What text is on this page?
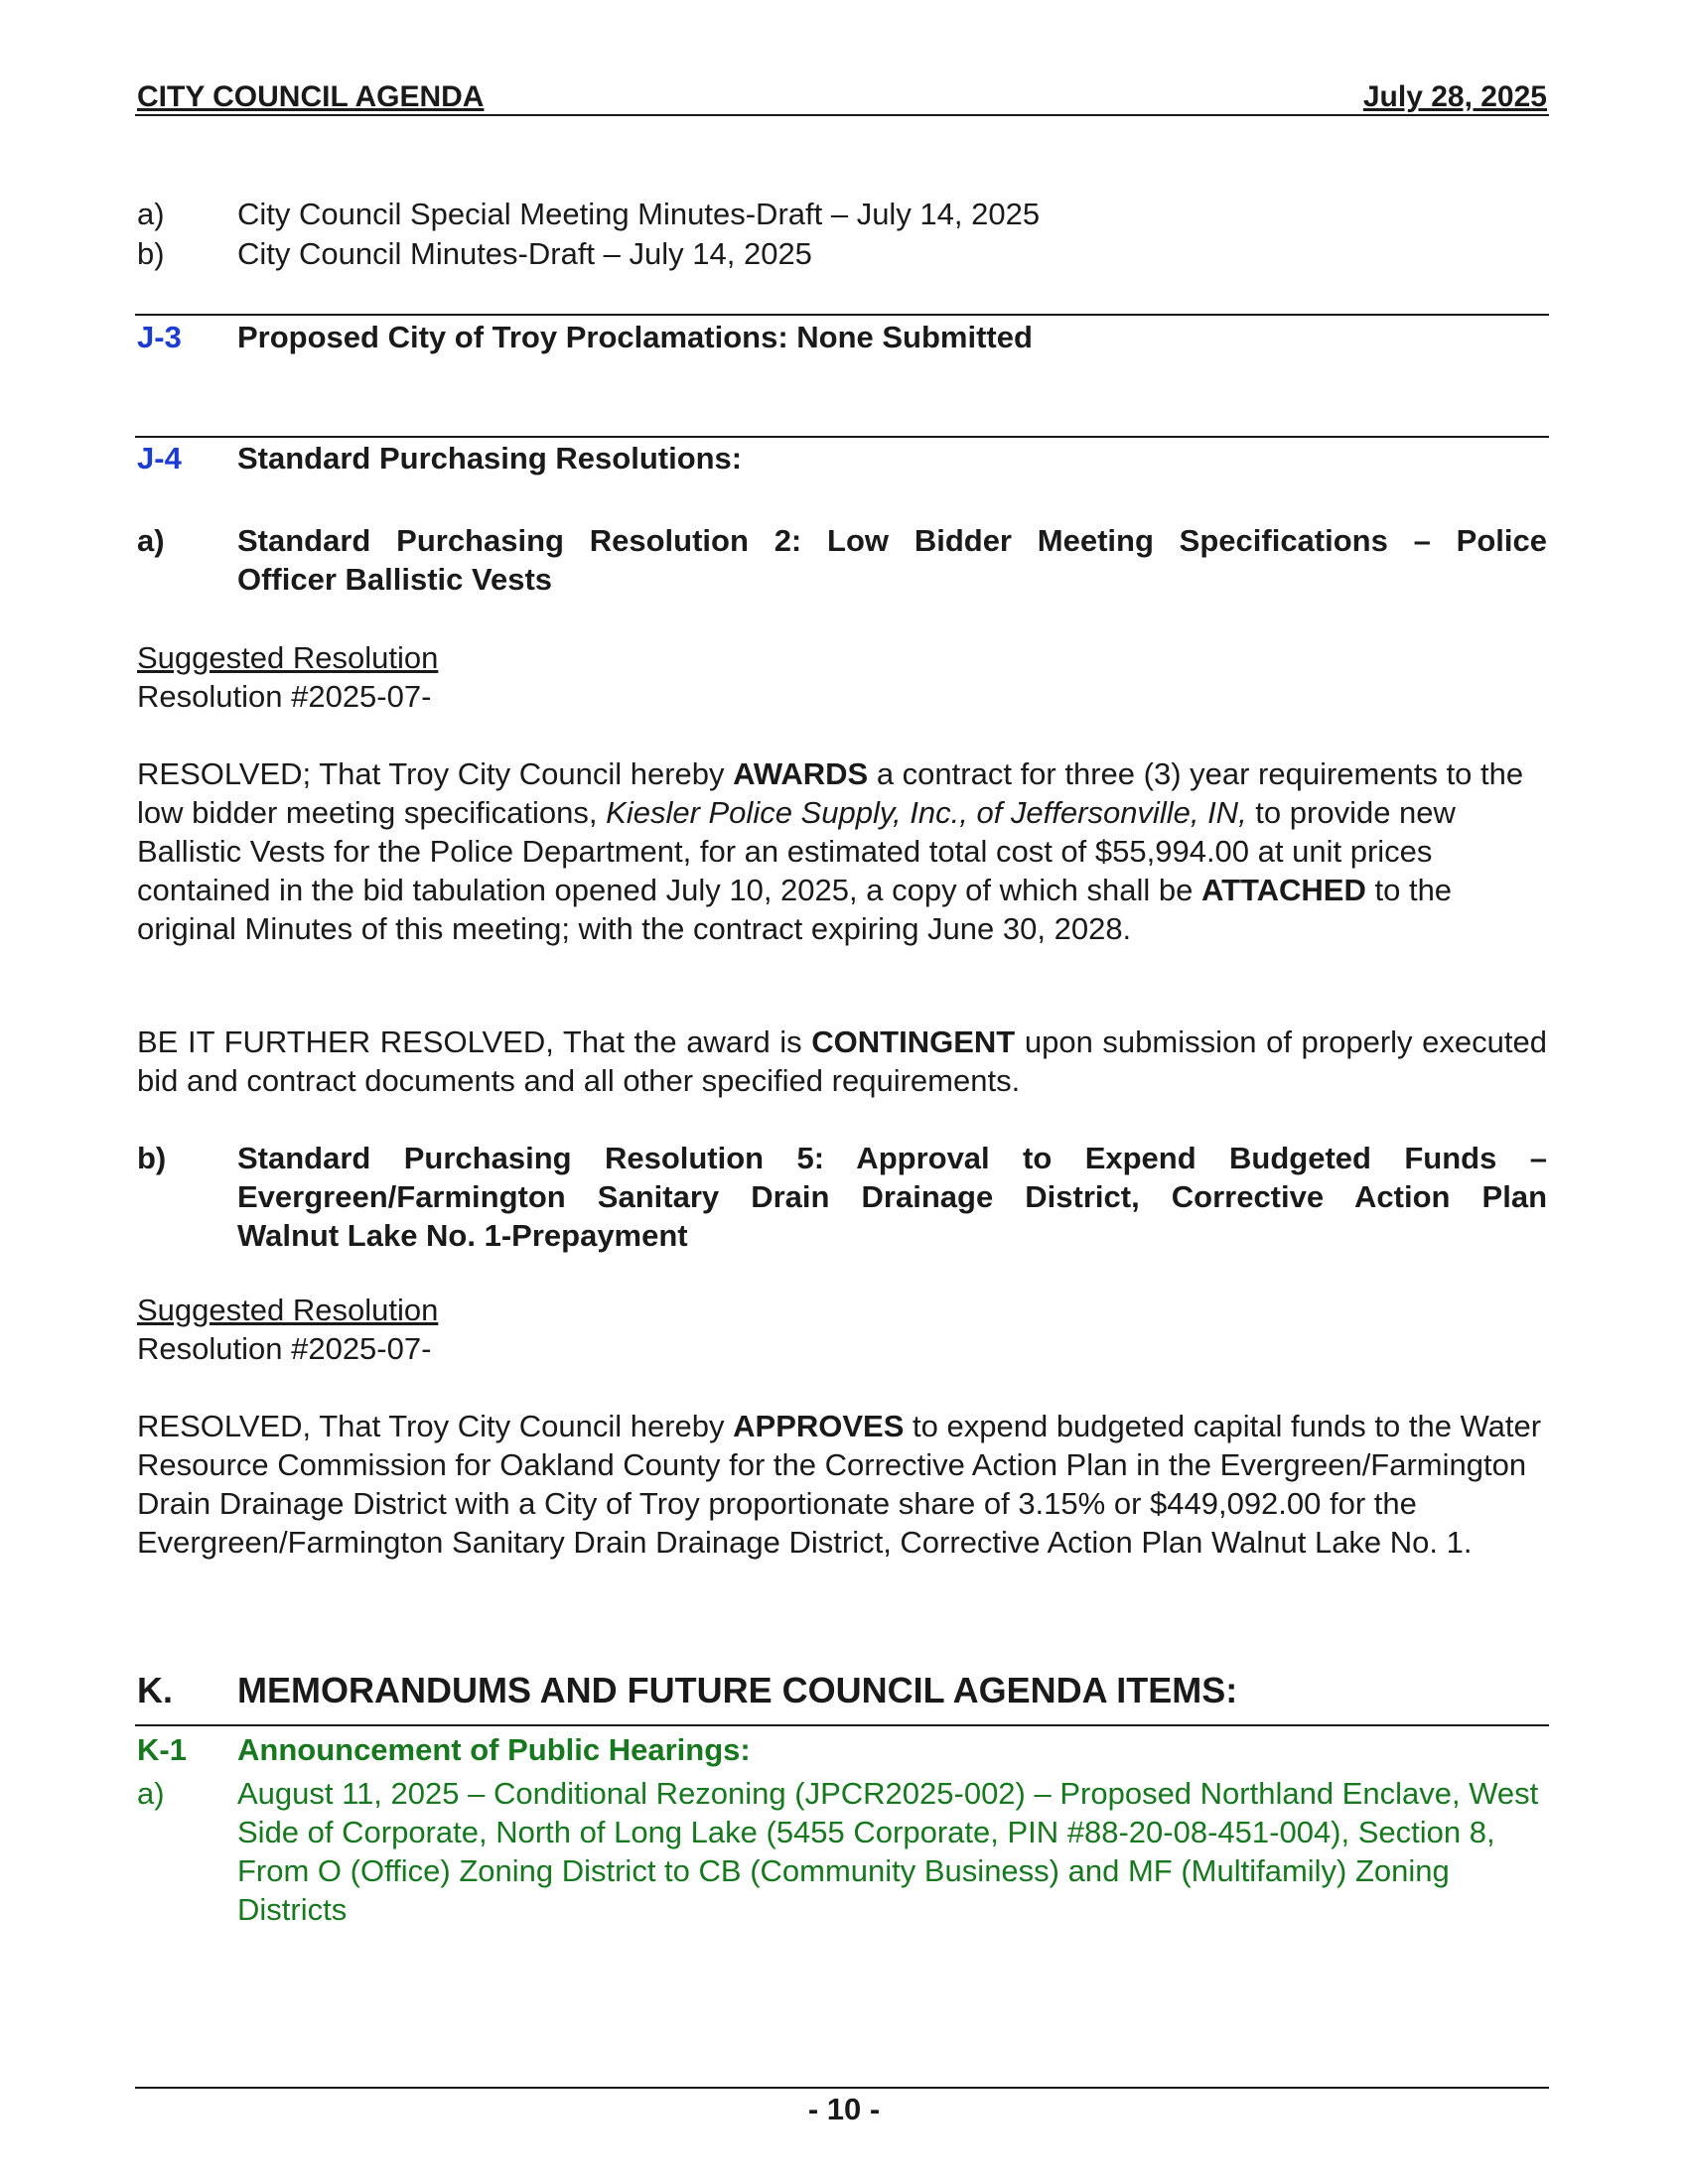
CITY COUNCIL AGENDA	July 28, 2025
a)	City Council Special Meeting Minutes-Draft – July 14, 2025
b)	City Council Minutes-Draft – July 14, 2025
J-3	Proposed City of Troy Proclamations: None Submitted
J-4	Standard Purchasing Resolutions:
a)	Standard Purchasing Resolution 2: Low Bidder Meeting Specifications – Police
Officer Ballistic Vests
Suggested Resolution
Resolution #2025-07-
RESOLVED; That Troy City Council hereby AWARDS a contract for three (3) year requirements to the low bidder meeting specifications, Kiesler Police Supply, Inc., of Jeffersonville, IN, to provide new Ballistic Vests for the Police Department, for an estimated total cost of $55,994.00 at unit prices contained in the bid tabulation opened July 10, 2025, a copy of which shall be ATTACHED to the original Minutes of this meeting; with the contract expiring June 30, 2028.
BE IT FURTHER RESOLVED, That the award is CONTINGENT upon submission of properly executed bid and contract documents and all other specified requirements.
b)	Standard Purchasing Resolution 5: Approval to Expend Budgeted Funds –
Evergreen/Farmington Sanitary Drain Drainage District, Corrective Action Plan
Walnut Lake No. 1-Prepayment
Suggested Resolution
Resolution #2025-07-
RESOLVED, That Troy City Council hereby APPROVES to expend budgeted capital funds to the Water Resource Commission for Oakland County for the Corrective Action Plan in the Evergreen/Farmington Drain Drainage District with a City of Troy proportionate share of 3.15% or $449,092.00 for the Evergreen/Farmington Sanitary Drain Drainage District, Corrective Action Plan Walnut Lake No. 1.
K.	MEMORANDUMS AND FUTURE COUNCIL AGENDA ITEMS:
K-1	Announcement of Public Hearings:
a)	August 11, 2025 – Conditional Rezoning (JPCR2025-002) – Proposed Northland Enclave, West Side of Corporate, North of Long Lake (5455 Corporate, PIN #88-20-08-451-004), Section 8, From O (Office) Zoning District to CB (Community Business) and MF (Multifamily) Zoning Districts
- 10 -
